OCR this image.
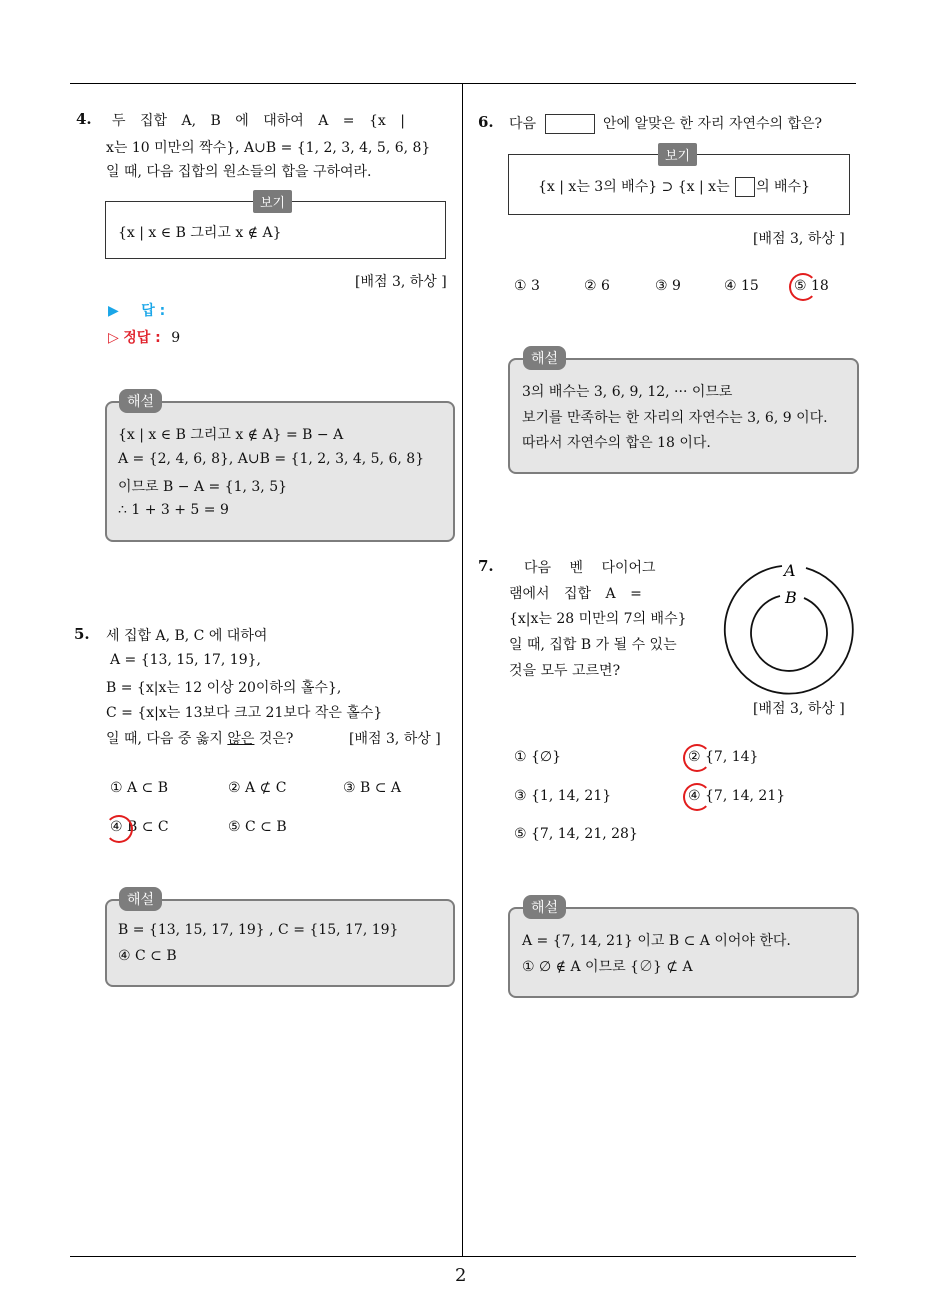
2
4. 두 집합 A, B 에 대하여 A = {x |
x는 10 미만의 짝수}, A∪B = {1, 2, 3, 4, 5, 6, 8}
일 때, 다음 집합의 원소들의 합을 구하여라.
보기
{x | x ∈ B 그리고 x ∉ A}
[배점 3, 하상 ]
▶ 답 :
▷ 정답 : 9
해설
{x | x ∈ B 그리고 x ∉ A} = B − A
A = {2, 4, 6, 8}, A∪B = {1, 2, 3, 4, 5, 6, 8}
이므로 B − A = {1, 3, 5}
∴ 1 + 3 + 5 = 9
5. 세 집합 A, B, C 에 대하여
A = {13, 15, 17, 19},
B = {x|x는 12 이상 20이하의 홀수},
C = {x|x는 13보다 크고 21보다 작은 홀수}
일 때, 다음 중 옳지 않은 것은?	[배점 3, 하상 ]
① A ⊂ B	② A ⊄ C	③ B ⊂ A
④ B ⊂ C	⑤ C ⊂ B
해설
B = {13, 15, 17, 19} , C = {15, 17, 19}
④ C ⊂ B
6. 다음	안에 알맞은 한 자리 자연수의 합은?
보기
{x | x는 3의 배수} ⊃ {x | x는 의 배수}
[배점 3, 하상 ]
① 3	② 6	③ 9	④ 15	⑤ 18
해설
3의 배수는 3, 6, 9, 12, ··· 이므로
보기를 만족하는 한 자리의 자연수는 3, 6, 9 이다.
따라서 자연수의 합은 18 이다.
7. 다음 벤 다이어그
램에서 집합 A =
{x|x는 28 미만의 7의 배수}
일 때, 집합 B 가 될 수 있는
것을 모두 고르면?
A
B
[배점 3, 하상 ]
① {∅}	② {7, 14}
③ {1, 14, 21}	④ {7, 14, 21}
⑤ {7, 14, 21, 28}
해설
A = {7, 14, 21} 이고 B ⊂ A 이어야 한다.
① ∅ ∉ A 이므로 {∅} ⊄ A
